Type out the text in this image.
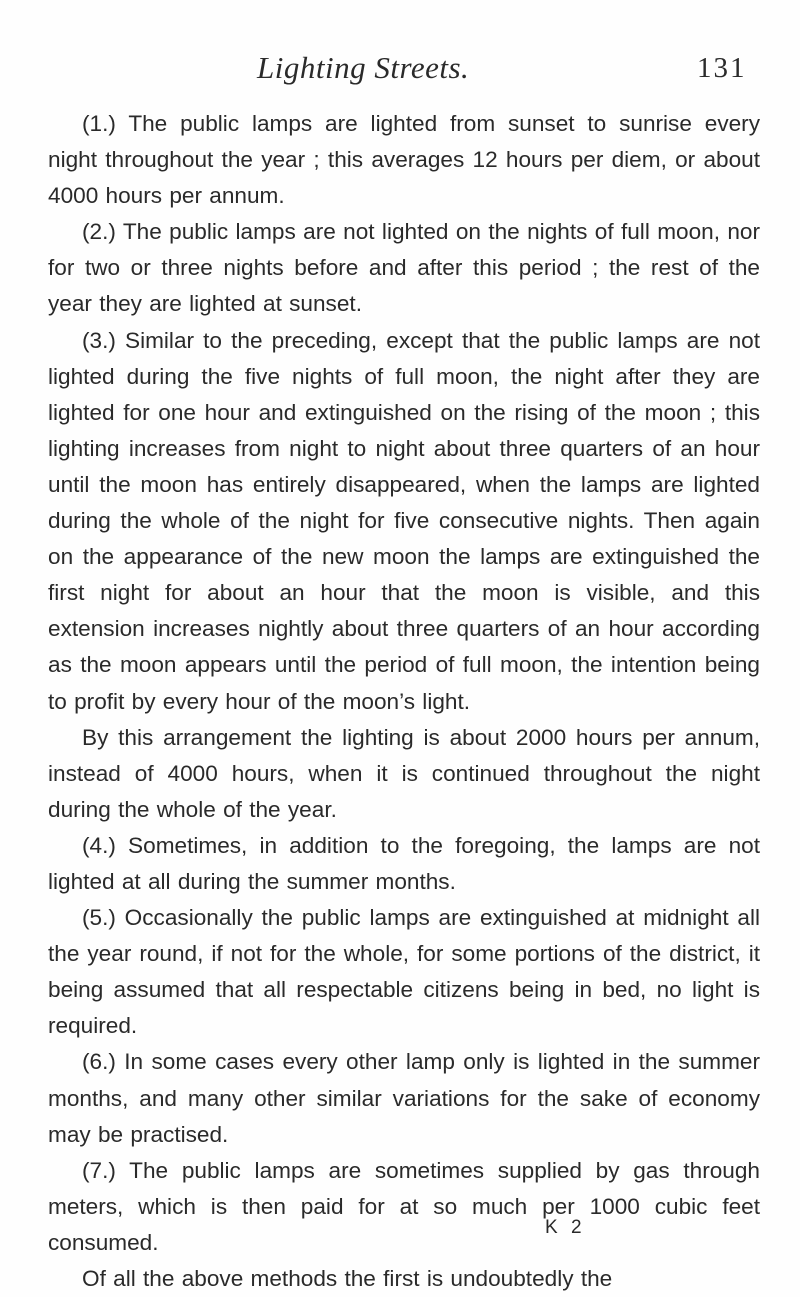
Lighting Streets.	131

(1.) The public lamps are lighted from sunset to sunrise every night throughout the year ; this averages 12 hours per diem, or about 4000 hours per annum.

(2.) The public lamps are not lighted on the nights of full moon, nor for two or three nights before and after this period ; the rest of the year they are lighted at sunset.

(3.) Similar to the preceding, except that the public lamps are not lighted during the five nights of full moon, the night after they are lighted for one hour and extinguished on the rising of the moon ; this lighting increases from night to night about three quarters of an hour until the moon has entirely disappeared, when the lamps are lighted during the whole of the night for five consecutive nights. Then again on the appearance of the new moon the lamps are extinguished the first night for about an hour that the moon is visible, and this extension increases nightly about three quarters of an hour according as the moon appears until the period of full moon, the intention being to profit by every hour of the moon’s light.

By this arrangement the lighting is about 2000 hours per annum, instead of 4000 hours, when it is continued throughout the night during the whole of the year.

(4.) Sometimes, in addition to the foregoing, the lamps are not lighted at all during the summer months.

(5.) Occasionally the public lamps are extinguished at midnight all the year round, if not for the whole, for some portions of the district, it being assumed that all respectable citizens being in bed, no light is required.

(6.) In some cases every other lamp only is lighted in the summer months, and many other similar variations for the sake of economy may be practised.

(7.) The public lamps are sometimes supplied by gas through meters, which is then paid for at so much per 1000 cubic feet consumed.

Of all the above methods the first is undoubtedly the

K 2
